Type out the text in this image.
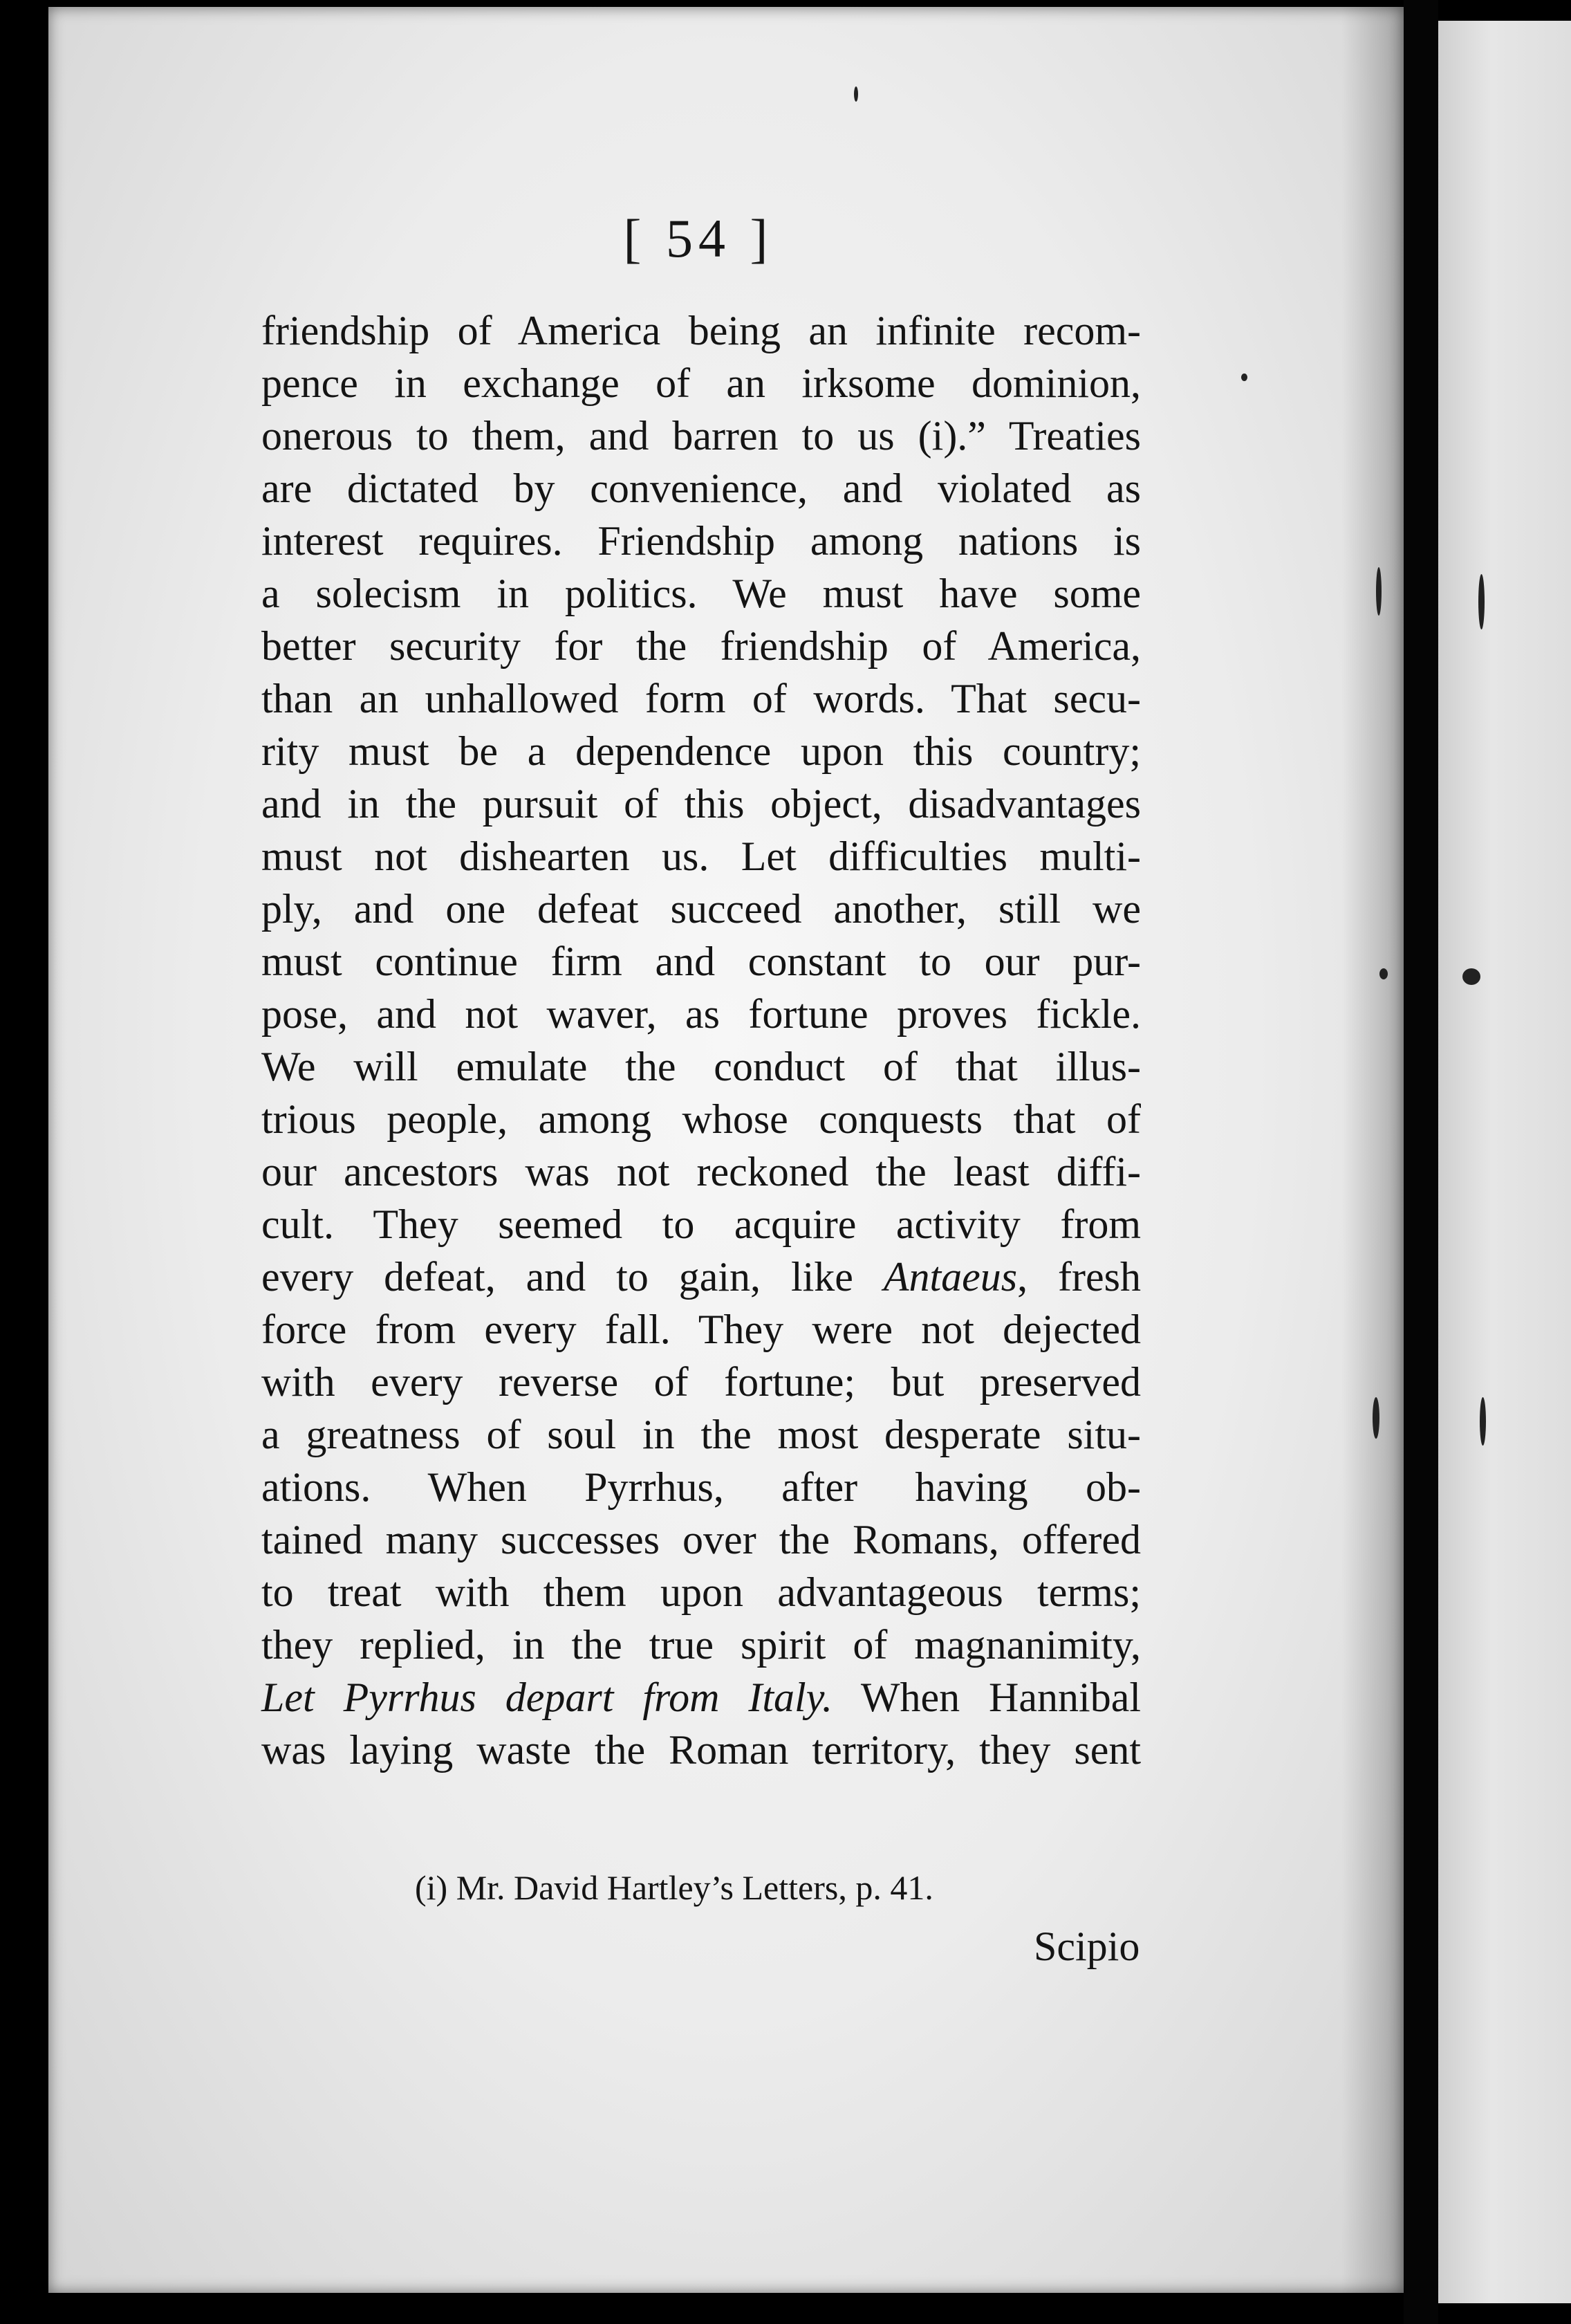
[ 54 ]
friendship of America being an infinite recom-
pence in exchange of an irksome dominion,
onerous to them, and barren to us (i).” Treaties
are dictated by convenience, and violated as
interest requires. Friendship among nations is
a solecism in politics. We must have some
better security for the friendship of America,
than an unhallowed form of words. That secu-
rity must be a dependence upon this country;
and in the pursuit of this object, disadvantages
must not dishearten us. Let difficulties multi-
ply, and one defeat succeed another, still we
must continue firm and constant to our pur-
pose, and not waver, as fortune proves fickle.
We will emulate the conduct of that illus-
trious people, among whose conquests that of
our ancestors was not reckoned the least diffi-
cult. They seemed to acquire activity from
every defeat, and to gain, like Antaeus, fresh
force from every fall. They were not dejected
with every reverse of fortune; but preserved
a greatness of soul in the most desperate situ-
ations. When Pyrrhus, after having ob-
tained many successes over the Romans, offered
to treat with them upon advantageous terms;
they replied, in the true spirit of magnanimity,
Let Pyrrhus depart from Italy. When Hannibal
was laying waste the Roman territory, they sent
(i) Mr. David Hartley’s Letters, p. 41.
Scipio
